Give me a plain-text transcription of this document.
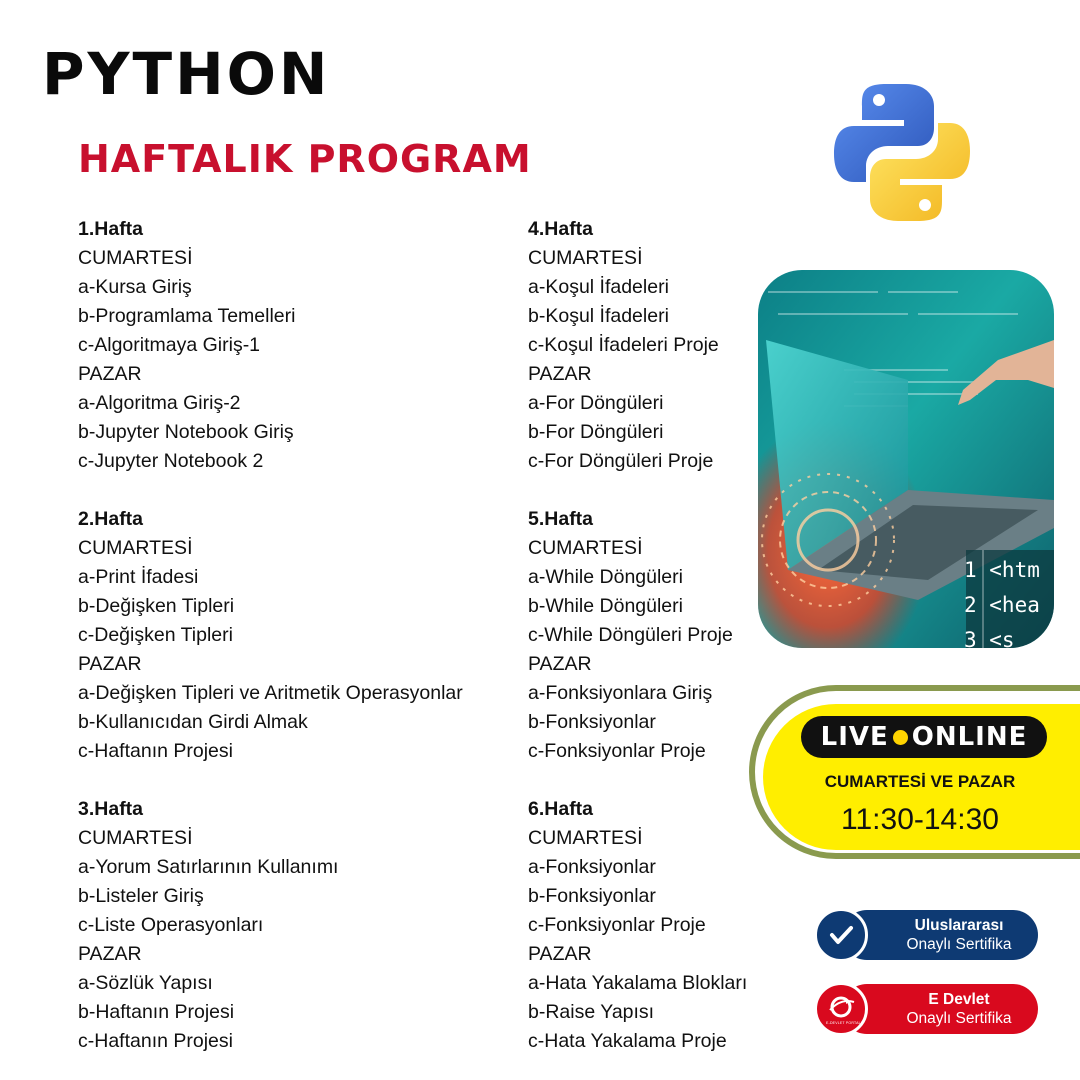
PYTHON
HAFTALIK PROGRAM
1.Hafta
CUMARTESİ
a-Kursa Giriş
b-Programlama Temelleri
c-Algoritmaya Giriş-1
PAZAR
a-Algoritma Giriş-2
b-Jupyter Notebook Giriş
c-Jupyter Notebook 2
2.Hafta
CUMARTESİ
a-Print İfadesi
b-Değişken Tipleri
c-Değişken Tipleri
PAZAR
a-Değişken Tipleri ve Aritmetik Operasyonlar
b-Kullanıcıdan Girdi Almak
c-Haftanın Projesi
3.Hafta
CUMARTESİ
a-Yorum Satırlarının Kullanımı
b-Listeler Giriş
c-Liste Operasyonları
PAZAR
a-Sözlük Yapısı
b-Haftanın Projesi
c-Haftanın Projesi
4.Hafta
CUMARTESİ
a-Koşul İfadeleri
b-Koşul İfadeleri
c-Koşul İfadeleri Proje
PAZAR
a-For Döngüleri
b-For Döngüleri
c-For Döngüleri Proje
5.Hafta
CUMARTESİ
a-While Döngüleri
b-While Döngüleri
c-While Döngüleri Proje
PAZAR
a-Fonksiyonlara Giriş
b-Fonksiyonlar
c-Fonksiyonlar Proje
6.Hafta
CUMARTESİ
a-Fonksiyonlar
b-Fonksiyonlar
c-Fonksiyonlar Proje
PAZAR
a-Hata Yakalama Blokları
b-Raise Yapısı
c-Hata Yakalama Proje
1 <htm
2 <hea
3 <s
LIVE ONLINE
CUMARTESİ VE PAZAR
11:30-14:30
Uluslararası
Onaylı Sertifika
E Devlet
Onaylı Sertifika
E-DEVLET PORTALI
